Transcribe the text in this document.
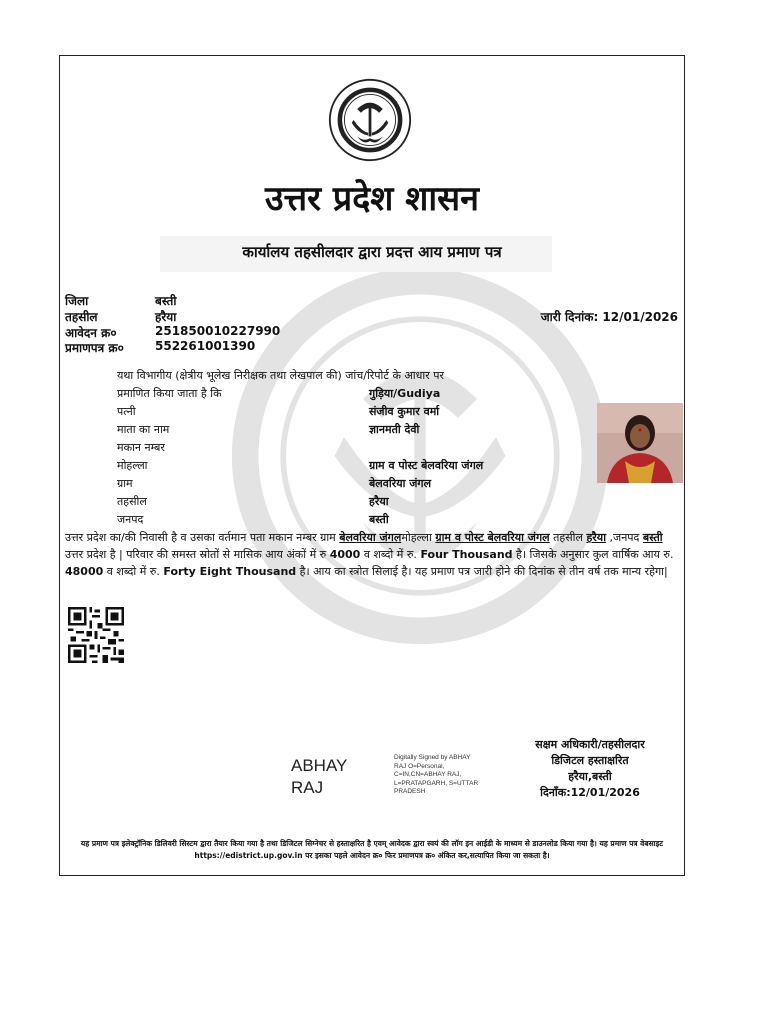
उत्तर प्रदेश शासन
कार्यालय तहसीलदार द्वारा प्रदत्त आय प्रमाण पत्र
जिला	बस्ती
तहसील	हरैया
आवेदन क्र०	251850010227990
प्रमाणपत्र क्र०	552261001390
जारी दिनांक: 12/01/2026
यथा विभागीय (क्षेत्रीय भूलेख निरीक्षक तथा लेखपाल की) जांच/रिपोर्ट के आधार पर
प्रमाणित किया जाता है कि	गुड़िया/Gudiya
पत्नी	संजीव कुमार वर्मा
माता का नाम	ज्ञानमती देवी
मकान नम्बर
मोहल्ला	ग्राम व पोस्ट बेलवरिया जंगल
ग्राम	बेलवरिया जंगल
तहसील	हरैया
जनपद	बस्ती
उत्तर प्रदेश का/की निवासी है व उसका वर्तमान पता मकान नम्बर ग्राम बेलवरिया जंगलमोहल्ला ग्राम व पोस्ट बेलवरिया जंगल तहसील हरैया ,जनपद बस्ती उत्तर प्रदेश है | परिवार की समस्त स्रोतों से मासिक आय अंकों में रु 4000 व शब्दो में रु. Four Thousand है। जिसके अनुसार कुल वार्षिक आय रु. 48000 व शब्दो में रु. Forty Eight Thousand है। आय का स्त्रोत सिलाई है। यह प्रमाण पत्र जारी होने की दिनांक से तीन वर्ष तक मान्य रहेगा|
ABHAY
RAJ
Digitally Signed by ABHAY
RAJ O=Personal,
C=IN,CN=ABHAY RAJ,
L=PRATAPGARH, S=UTTAR
PRADESH
सक्षम अधिकारी/तहसीलदार
डिजिटल हस्ताक्षरित
हरैया,बस्ती
दिनाँक:12/01/2026
यह प्रमाण पत्र इलेक्ट्रॉनिक डिलिवरी सिस्टम द्वारा तैयार किया गया है तथा डिजिटल सिग्नेचर से हस्ताक्षरित है एवम् आवेदक द्वारा स्वयं की लॉग इन आईडी के माध्यम से डाउनलोड किया गया है। यह प्रमाण पत्र वेबसाइट https://edistrict.up.gov.in पर इसका पहले आवेदन क्र० फिर प्रमाणपत्र क्र० अंकित कर,सत्यापित किया जा सकता है।
